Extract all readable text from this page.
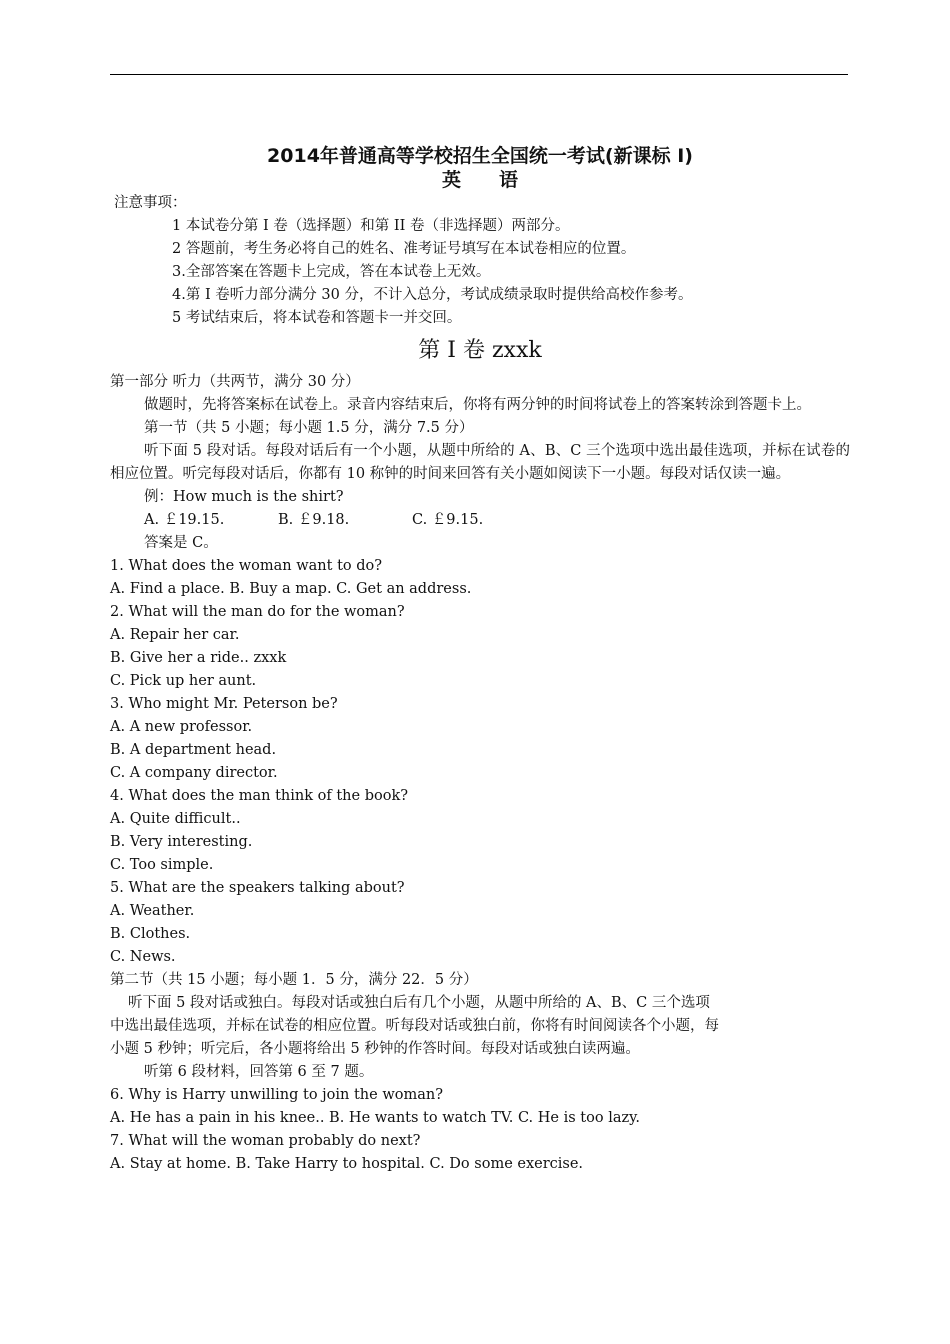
2014年普通高等学校招生全国统一考试(新课标 I)

英语

注意事项：

1 本试卷分第 I 卷（选择题）和第 II 卷（非选择题）两部分。

2 答题前，考生务必将自己的姓名、准考证号填写在本试卷相应的位置。

3.全部答案在答题卡上完成，答在本试卷上无效。

4.第 I 卷听力部分满分 30 分，不计入总分，考试成绩录取时提供给高校作参考。

5 考试结束后，将本试卷和答题卡一并交回。

第 I 卷 zxxk

第一部分 听力（共两节，满分 30 分）

做题时，先将答案标在试卷上。录音内容结束后，你将有两分钟的时间将试卷上的答案转涂到答题卡上。

第一节（共 5 小题；每小题 1.5 分，满分 7.5 分）

听下面 5 段对话。每段对话后有一个小题，从题中所给的 A、B、C 三个选项中选出最佳选项，并标在试卷的相应位置。听完每段对话后，你都有 10 称钟的时间来回答有关小题如阅读下一小题。每段对话仅读一遍。

例：How much is the shirt?

A. ￡19.15.	B. ￡9.18.	C. ￡9.15.

答案是 C。

1. What does the woman want to do?

A. Find a place. B. Buy a map. C. Get an address.

2. What will the man do for the woman?

A. Repair her car.

B. Give her a ride.. zxxk

C. Pick up her aunt.

3. Who might Mr. Peterson be?

A. A new professor.

B. A department head.

C. A company director.

4. What does the man think of the book?

A. Quite difficult..

B. Very interesting.

C. Too simple.

5. What are the speakers talking about?

A. Weather.

B. Clothes.

C. News.

第二节（共 15 小题；每小题 1．5 分，满分 22．5 分）

听下面 5 段对话或独白。每段对话或独白后有几个小题，从题中所给的 A、B、C 三个选项

中选出最佳选项，并标在试卷的相应位置。听每段对话或独白前，你将有时间阅读各个小题，每

小题 5 秒钟；听完后，各小题将给出 5 秒钟的作答时间。每段对话或独白读两遍。

听第 6 段材料，回答第 6 至 7 题。

6. Why is Harry unwilling to join the woman?

A. He has a pain in his knee.. B. He wants to watch TV. C. He is too lazy.

7. What will the woman probably do next?

A. Stay at home. B. Take Harry to hospital. C. Do some exercise.
